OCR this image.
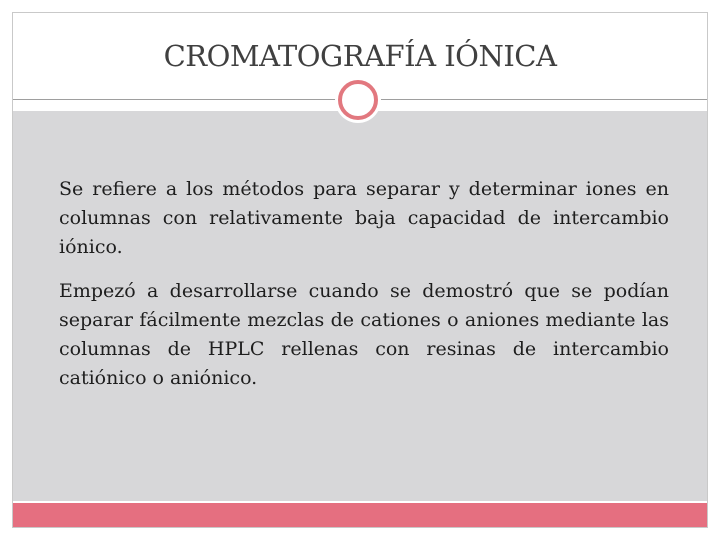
CROMATOGRAFÍA IÓNICA

Se refiere a los métodos para separar y determinar iones en columnas con relativamente baja capacidad de intercambio iónico.

Empezó a desarrollarse cuando se demostró que se podían separar fácilmente mezclas de cationes o aniones mediante las columnas de HPLC rellenas con resinas de intercambio catiónico o aniónico.
